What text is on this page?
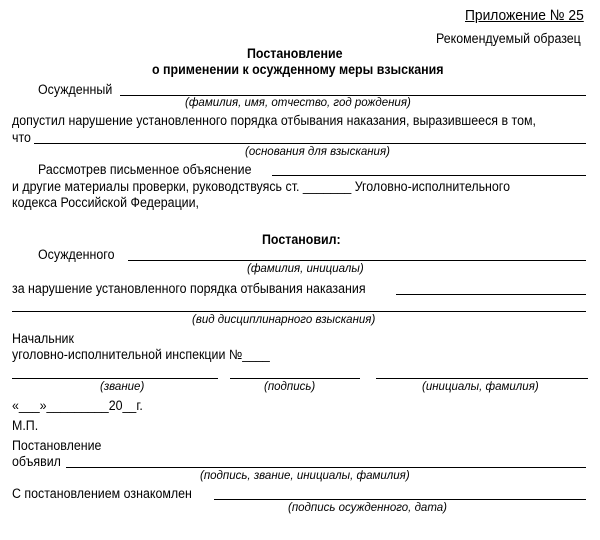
Приложение № 25
Рекомендуемый образец
Постановление
о применении к осужденному меры взыскания
Осужденный
(фамилия, имя, отчество, год рождения)
допустил нарушение установленного порядка отбывания наказания, выразившееся в том,
что
(основания для взыскания)
Рассмотрев письменное объяснение
и другие материалы проверки, руководствуясь ст. _______ Уголовно-исполнительного
кодекса Российской Федерации,
Постановил:
Осужденного
(фамилия, инициалы)
за нарушение установленного порядка отбывания наказания
(вид дисциплинарного взыскания)
Начальник
уголовно-исполнительной инспекции №____
(звание)	(подпись)	(инициалы, фамилия)
«___»_________20__г.
М.П.
Постановление
объявил
(подпись, звание, инициалы, фамилия)
С постановлением ознакомлен
(подпись осужденного, дата)
